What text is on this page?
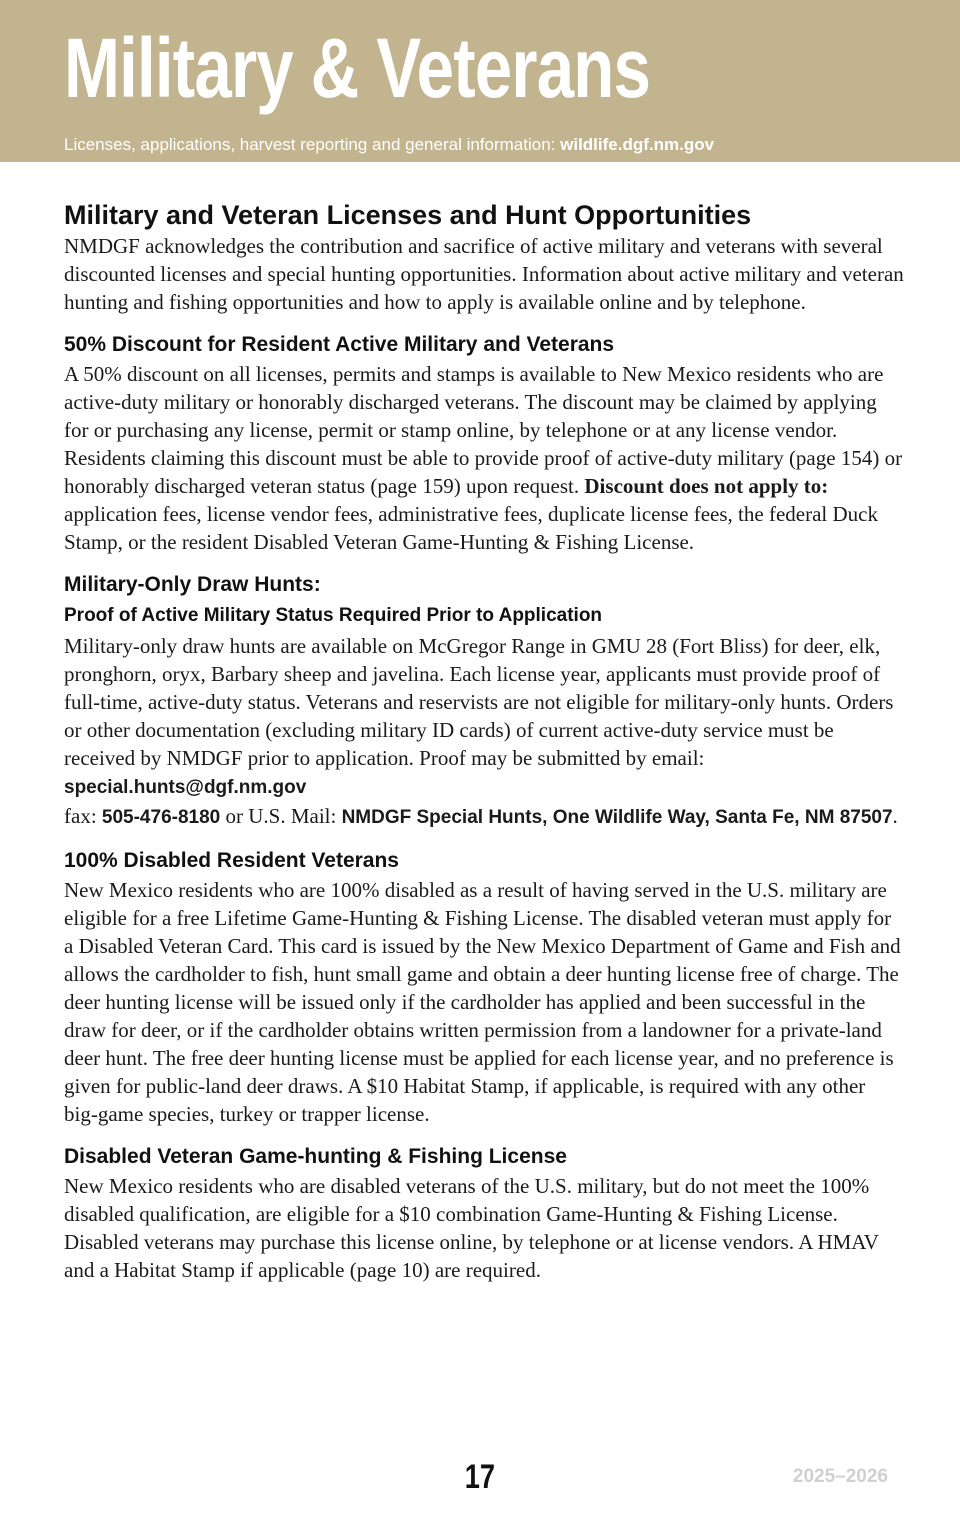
Military & Veterans
Licenses, applications, harvest reporting and general information: wildlife.dgf.nm.gov
Military and Veteran Licenses and Hunt Opportunities

NMDGF acknowledges the contribution and sacrifice of active military and veterans with several discounted licenses and special hunting opportunities. Information about active military and veteran hunting and fishing opportunities and how to apply is available online and by telephone.

50% Discount for Resident Active Military and Veterans

A 50% discount on all licenses, permits and stamps is available to New Mexico residents who are active-duty military or honorably discharged veterans. The discount may be claimed by applying for or purchasing any license, permit or stamp online, by telephone or at any license vendor. Residents claiming this discount must be able to provide proof of active-duty military (page 154) or honorably discharged veteran status (page 159) upon request. Discount does not apply to: application fees, license vendor fees, administrative fees, duplicate license fees, the federal Duck Stamp, or the resident Disabled Veteran Game-Hunting & Fishing License.

Military-Only Draw Hunts:
Proof of Active Military Status Required Prior to Application

Military-only draw hunts are available on McGregor Range in GMU 28 (Fort Bliss) for deer, elk, pronghorn, oryx, Barbary sheep and javelina. Each license year, applicants must provide proof of full-time, active-duty status. Veterans and reservists are not eligible for military-only hunts. Orders or other documentation (excluding military ID cards) of current active-duty service must be received by NMDGF prior to application. Proof may be submitted by email: special.hunts@dgf.nm.gov
fax: 505-476-8180 or U.S. Mail: NMDGF Special Hunts, One Wildlife Way, Santa Fe, NM 87507.

100% Disabled Resident Veterans

New Mexico residents who are 100% disabled as a result of having served in the U.S. military are eligible for a free Lifetime Game-Hunting & Fishing License. The disabled veteran must apply for a Disabled Veteran Card. This card is issued by the New Mexico Department of Game and Fish and allows the cardholder to fish, hunt small game and obtain a deer hunting license free of charge. The deer hunting license will be issued only if the cardholder has applied and been successful in the draw for deer, or if the cardholder obtains written permission from a landowner for a private-land deer hunt. The free deer hunting license must be applied for each license year, and no preference is given for public-land deer draws. A $10 Habitat Stamp, if applicable, is required with any other big-game species, turkey or trapper license.

Disabled Veteran Game-hunting & Fishing License

New Mexico residents who are disabled veterans of the U.S. military, but do not meet the 100% disabled qualification, are eligible for a $10 combination Game-Hunting & Fishing License. Disabled veterans may purchase this license online, by telephone or at license vendors. A HMAV and a Habitat Stamp if applicable (page 10) are required.

17	2025–2026
